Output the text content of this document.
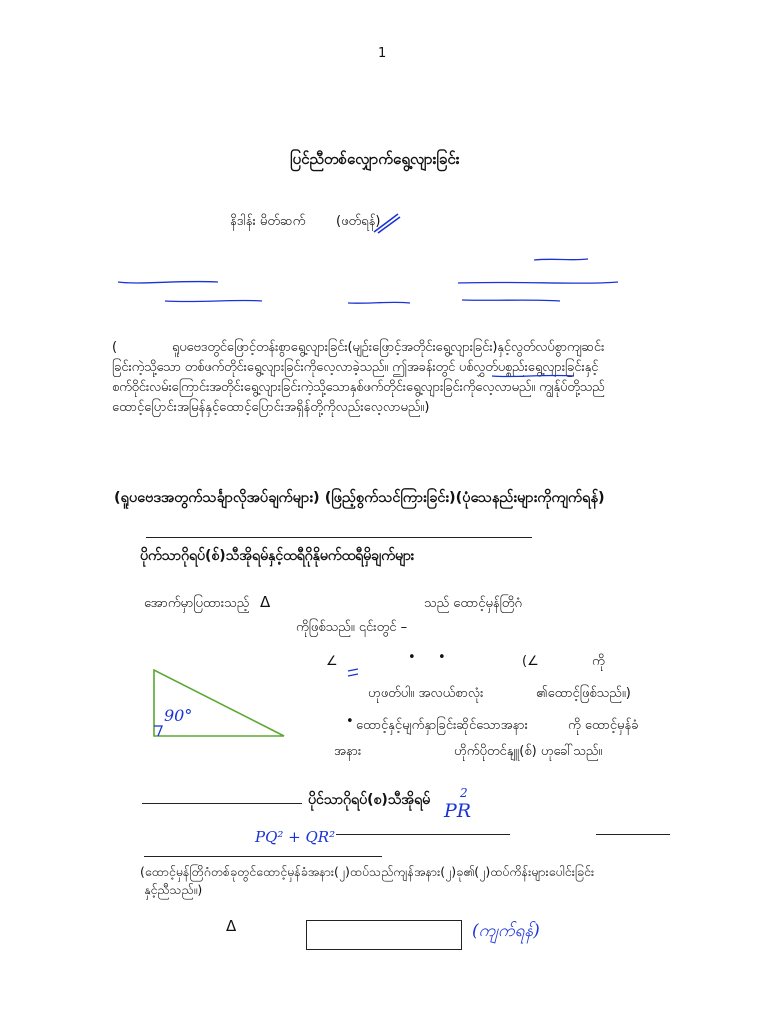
1
ပြင်ညီတစ်လျှောက်ရွေ့လျားခြင်း
နိဒါန်း မိတ်ဆက် (ဖတ်ရန်)
(	ရူပဗေဒတွင်ဖြောင့်တန်းစွာရွေ့လျားခြင်း(မျဉ်းဖြောင့်အတိုင်းရွေ့လျားခြင်း)နှင့်လွတ်လပ်စွာကျဆင်း
ခြင်းကဲ့သို့သော တစ်ဖက်တိုင်းရွေ့လျားခြင်းကိုလေ့လာခဲ့သည်။ ဤအခန်းတွင် ပစ်လွှတ်ပစ္စည်းရွေ့လျားခြင်းနှင့်
စက်ဝိုင်းလမ်းကြောင်းအတိုင်းရွေ့လျားခြင်းကဲ့သို့သောနှစ်ဖက်တိုင်းရွေ့လျားခြင်းကိုလေ့လာမည်။ ကျွန်ုပ်တို့သည်
ထောင့်ပြောင်းအမြန်နှင့်ထောင့်ပြောင်းအရှိန်တို့ကိုလည်းလေ့လာမည်။)
(ရူပဗေဒအတွက်သင်္ချာလိုအပ်ချက်များ) (ဖြည့်စွက်သင်ကြားခြင်း)(ပုံသေနည်းများကိုကျက်ရန်)
ပိုက်သာဂိုရပ်(စ်)သီအိုရမ်နှင့်ထရီဂိုနိုမက်ထရီမှိချက်များ
အောက်မှာပြထားသည့် Δ	သည် ထောင့်မှန်တြိဂံ
ကိုဖြစ်သည်။ ၎င်းတွင် –
∠	• •	(∠	ကို
ဟုဖတ်ပါ။ အလယ်စာလုံး	၏ထောင့်ဖြစ်သည်။)
• ထောင့်နှင့်မျက်နှာခြင်းဆိုင်သောအနား	ကို ထောင့်မှန်ခံ
အနား	ဟိုက်ပိုတင်နျူ(စ်) ဟုခေါ်သည်။
90°
ပိုင်သာဂိုရပ်(စ)သီအိုရမ် PR
2
PQ² + QR²
(ထောင့်မှန်တြိဂံတစ်ခုတွင်ထောင့်မှန်ခံအနား(၂)ထပ်သည်ကျန်အနား(၂)ခု၏(၂)ထပ်ကိန်းများပေါင်းခြင်း
နှင့်ညီသည်။)
Δ	(ကျက်ရန်)
